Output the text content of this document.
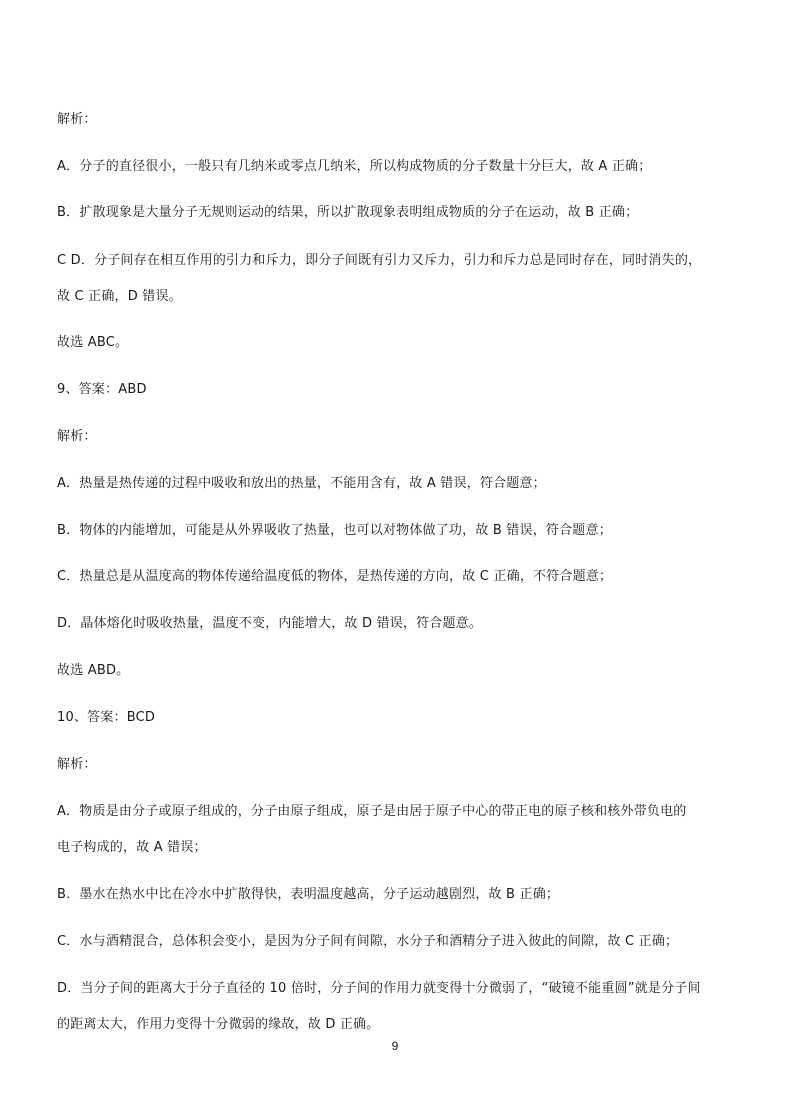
解析：
A．分子的直径很小，一般只有几纳米或零点几纳米，所以构成物质的分子数量十分巨大，故 A 正确；
B．扩散现象是大量分子无规则运动的结果，所以扩散现象表明组成物质的分子在运动，故 B 正确；
C D．分子间存在相互作用的引力和斥力，即分子间既有引力又斥力，引力和斥力总是同时存在，同时消失的，
故 C 正确，D 错误。
故选 ABC。
9、答案：ABD
解析：
A．热量是热传递的过程中吸收和放出的热量，不能用含有，故 A 错误，符合题意；
B．物体的内能增加，可能是从外界吸收了热量，也可以对物体做了功，故 B 错误，符合题意；
C．热量总是从温度高的物体传递给温度低的物体，是热传递的方向，故 C 正确，不符合题意；
D．晶体熔化时吸收热量，温度不变，内能增大，故 D 错误，符合题意。
故选 ABD。
10、答案：BCD
解析：
A．物质是由分子或原子组成的，分子由原子组成，原子是由居于原子中心的带正电的原子核和核外带负电的
电子构成的，故 A 错误；
B．墨水在热水中比在冷水中扩散得快，表明温度越高，分子运动越剧烈，故 B 正确；
C．水与酒精混合，总体积会变小，是因为分子间有间隙，水分子和酒精分子进入彼此的间隙，故 C 正确；
D．当分子间的距离大于分子直径的 10 倍时，分子间的作用力就变得十分微弱了，“破镜不能重圆”就是分子间
的距离太大，作用力变得十分微弱的缘故，故 D 正确。
9
